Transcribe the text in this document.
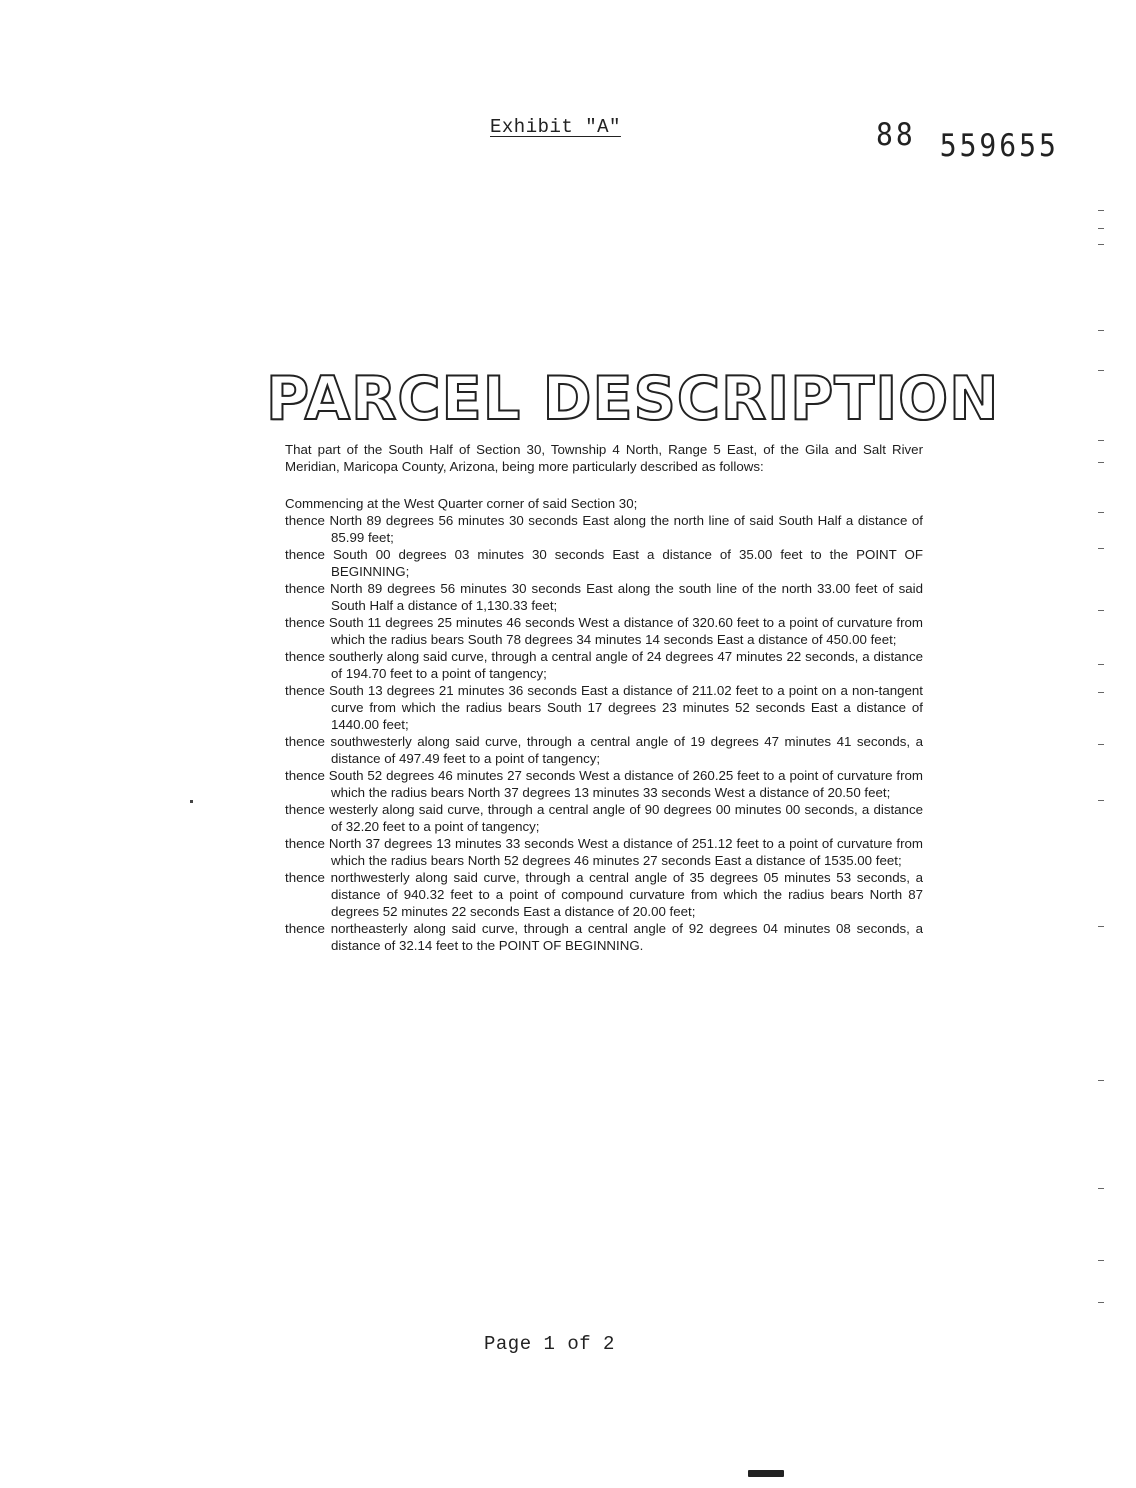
Exhibit "A"	88 559655
PARCEL DESCRIPTION

That part of the South Half of Section 30, Township 4 North, Range 5 East, of the Gila and Salt River Meridian, Maricopa County, Arizona, being more particularly described as follows:

Commencing at the West Quarter corner of said Section 30;

thence North 89 degrees 56 minutes 30 seconds East along the north line of said South Half a distance of 85.99 feet;

thence South 00 degrees 03 minutes 30 seconds East a distance of 35.00 feet to the POINT OF BEGINNING;

thence North 89 degrees 56 minutes 30 seconds East along the south line of the north 33.00 feet of said South Half a distance of 1,130.33 feet;

thence South 11 degrees 25 minutes 46 seconds West a distance of 320.60 feet to a point of curvature from which the radius bears South 78 degrees 34 minutes 14 seconds East a distance of 450.00 feet;

thence southerly along said curve, through a central angle of 24 degrees 47 minutes 22 seconds, a distance of 194.70 feet to a point of tangency;

thence South 13 degrees 21 minutes 36 seconds East a distance of 211.02 feet to a point on a non-tangent curve from which the radius bears South 17 degrees 23 minutes 52 seconds East a distance of 1440.00 feet;

thence southwesterly along said curve, through a central angle of 19 degrees 47 minutes 41 seconds, a distance of 497.49 feet to a point of tangency;

thence South 52 degrees 46 minutes 27 seconds West a distance of 260.25 feet to a point of curvature from which the radius bears North 37 degrees 13 minutes 33 seconds West a distance of 20.50 feet;

thence westerly along said curve, through a central angle of 90 degrees 00 minutes 00 seconds, a distance of 32.20 feet to a point of tangency;

thence North 37 degrees 13 minutes 33 seconds West a distance of 251.12 feet to a point of curvature from which the radius bears North 52 degrees 46 minutes 27 seconds East a distance of 1535.00 feet;

thence northwesterly along said curve, through a central angle of 35 degrees 05 minutes 53 seconds, a distance of 940.32 feet to a point of compound curvature from which the radius bears North 87 degrees 52 minutes 22 seconds East a distance of 20.00 feet;

thence northeasterly along said curve, through a central angle of 92 degrees 04 minutes 08 seconds, a distance of 32.14 feet to the POINT OF BEGINNING.

Page 1 of 2
